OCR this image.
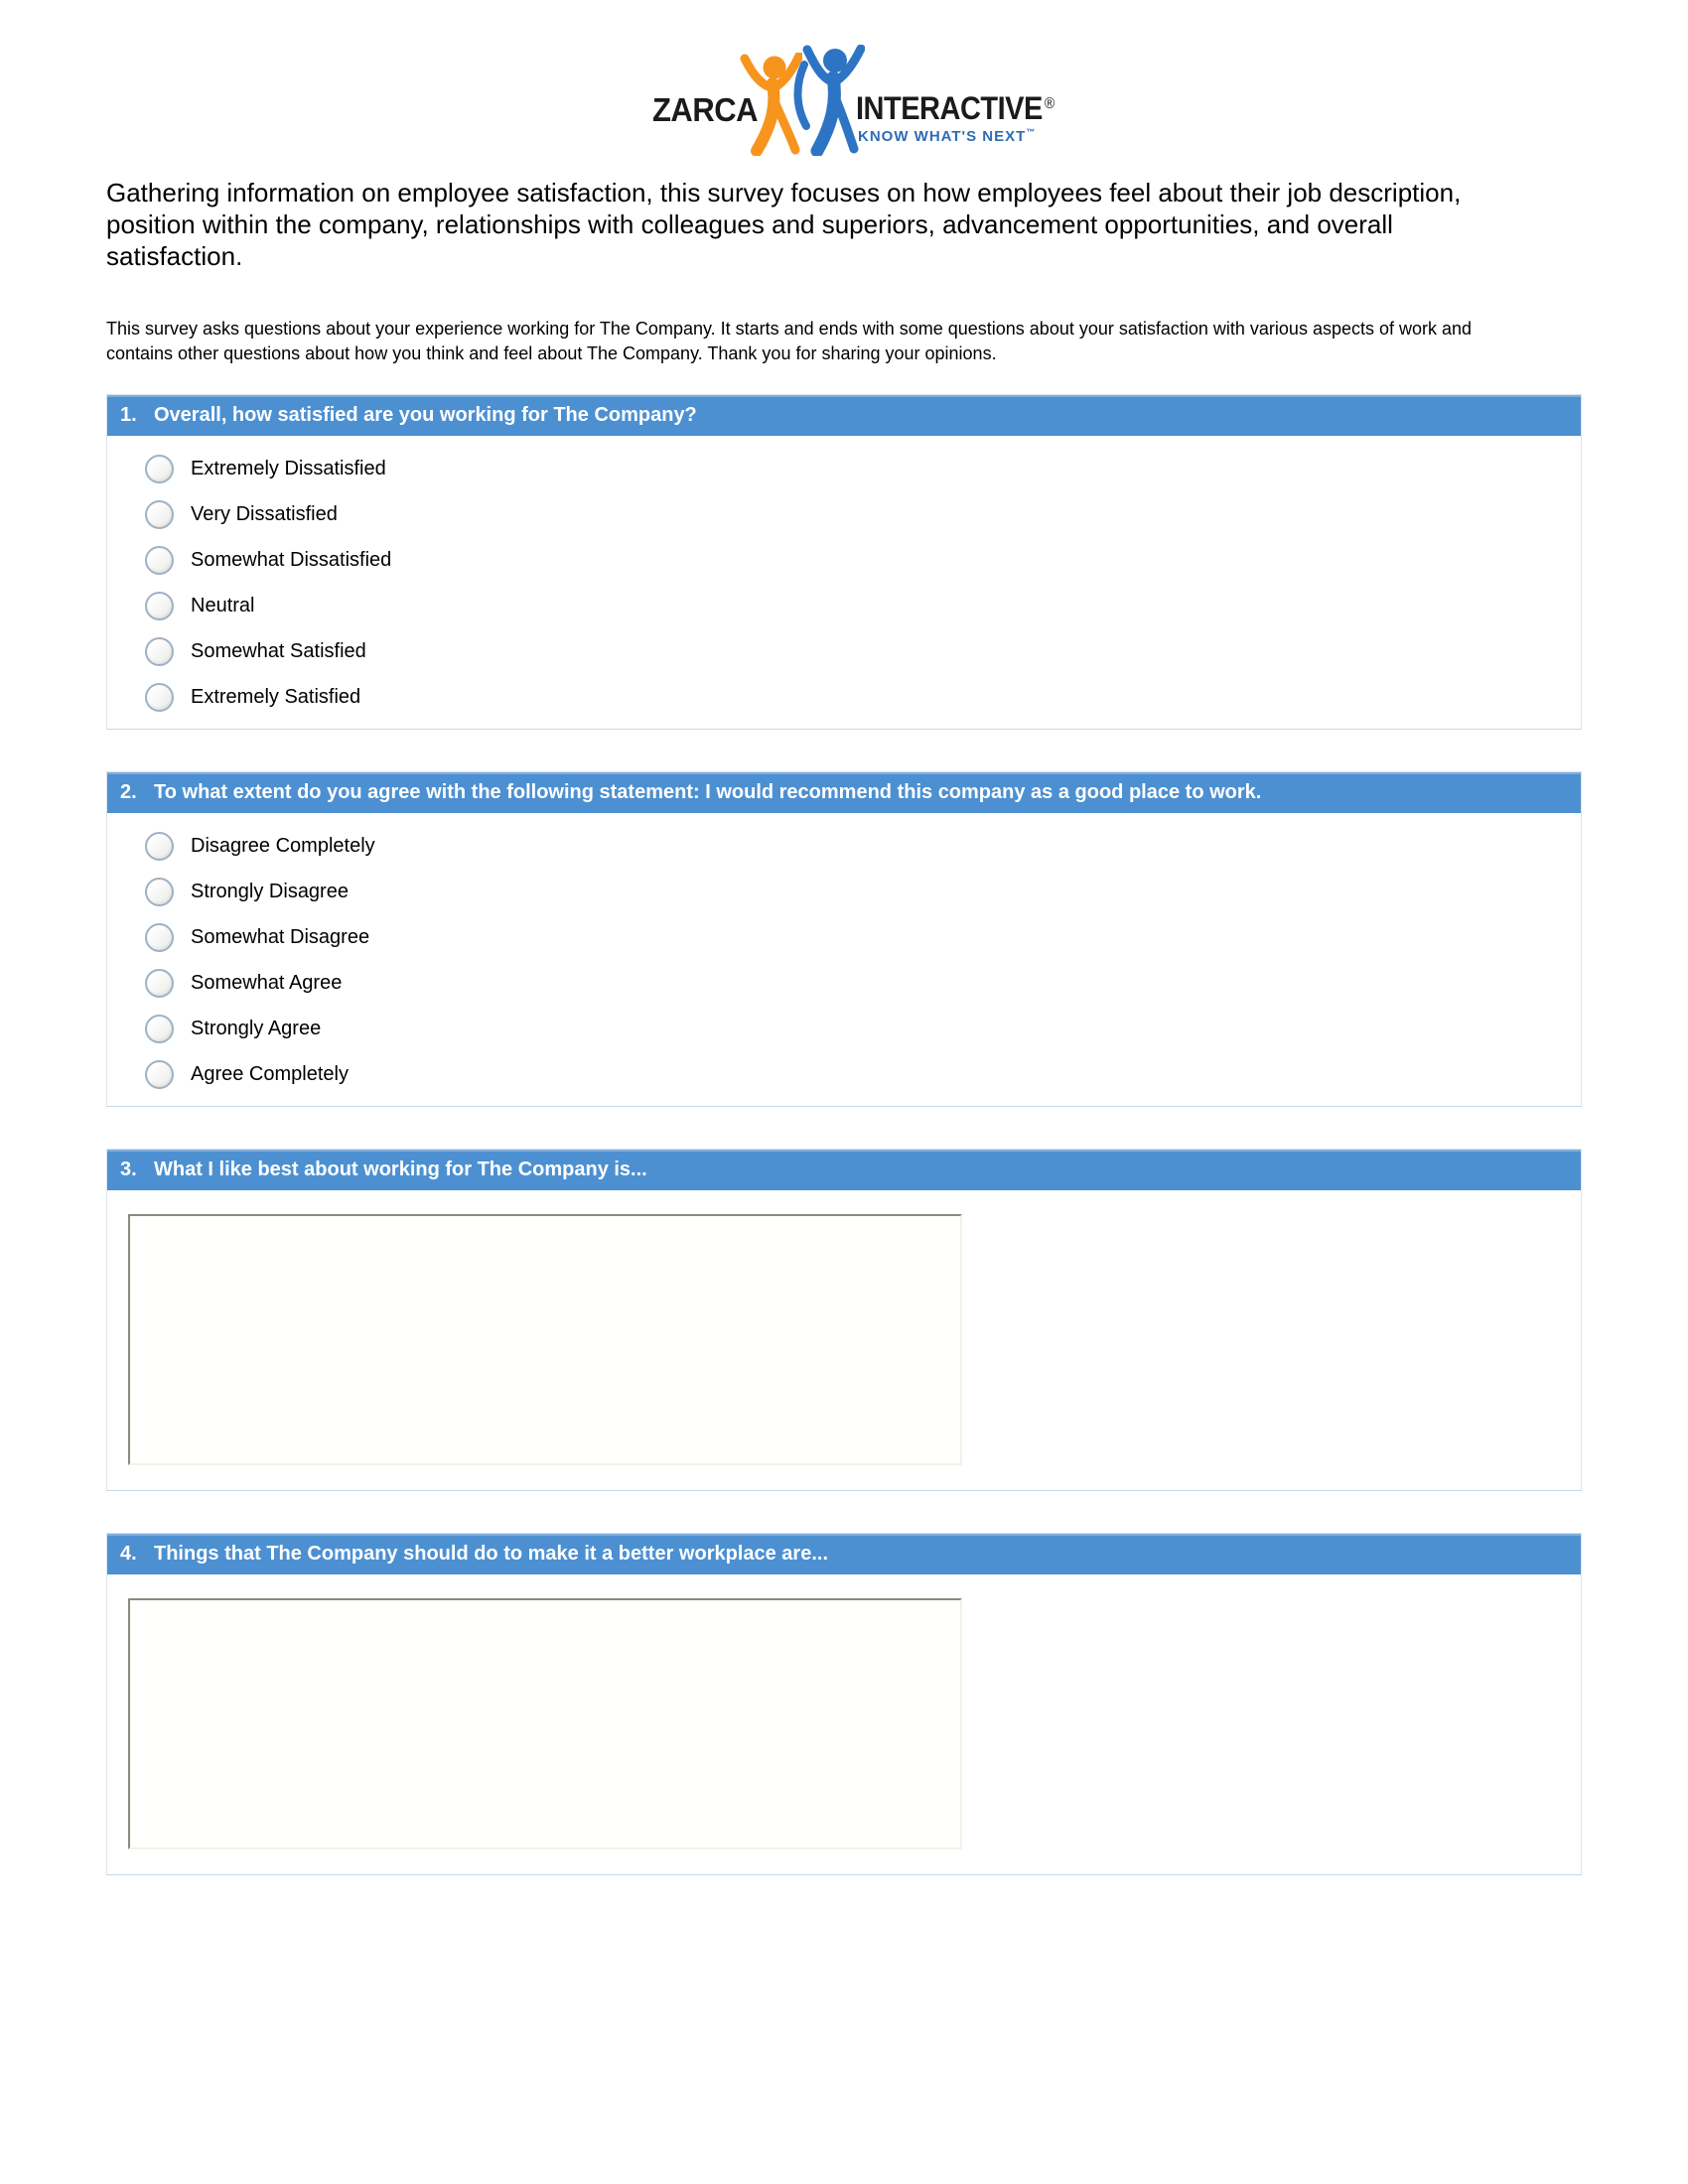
ZARCA	INTERACTIVE ®
KNOW WHAT'S NEXT™
Gathering information on employee satisfaction, this survey focuses on how employees feel about their job description, position within the company, relationships with colleagues and superiors, advancement opportunities, and overall satisfaction.
This survey asks questions about your experience working for The Company. It starts and ends with some questions about your satisfaction with various aspects of work and contains other questions about how you think and feel about The Company. Thank you for sharing your opinions.
1. Overall, how satisfied are you working for The Company?
Extremely Dissatisfied
Very Dissatisfied
Somewhat Dissatisfied
Neutral
Somewhat Satisfied
Extremely Satisfied
2. To what extent do you agree with the following statement: I would recommend this company as a good place to work.
Disagree Completely
Strongly Disagree
Somewhat Disagree
Somewhat Agree
Strongly Agree
Agree Completely
3. What I like best about working for The Company is...
4. Things that The Company should do to make it a better workplace are...
